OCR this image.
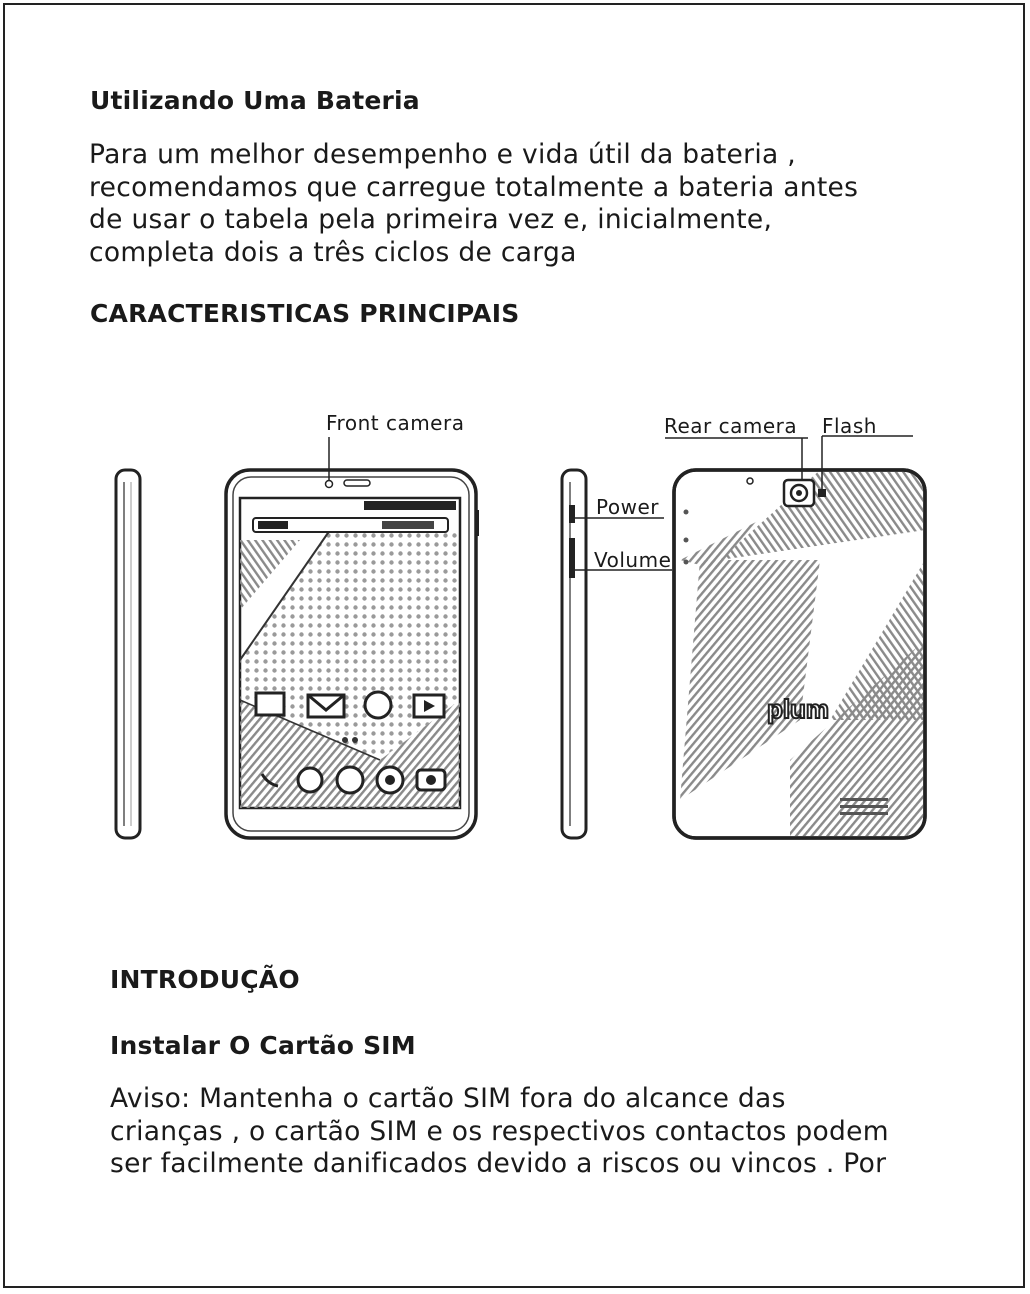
Utilizando Uma Bateria
Para um melhor desempenho e vida útil da bateria ,
recomendamos que carregue totalmente a bateria antes
de usar o tabela pela primeira vez e, inicialmente,
completa dois a três ciclos de carga
CARACTERISTICAS PRINCIPAIS
plum
Front camera	Rear camera Flash
Power
Volume
INTRODUÇÃO
Instalar O Cartão SIM
Aviso: Mantenha o cartão SIM fora do alcance das
crianças , o cartão SIM e os respectivos contactos podem
ser facilmente danificados devido a riscos ou vincos . Por
